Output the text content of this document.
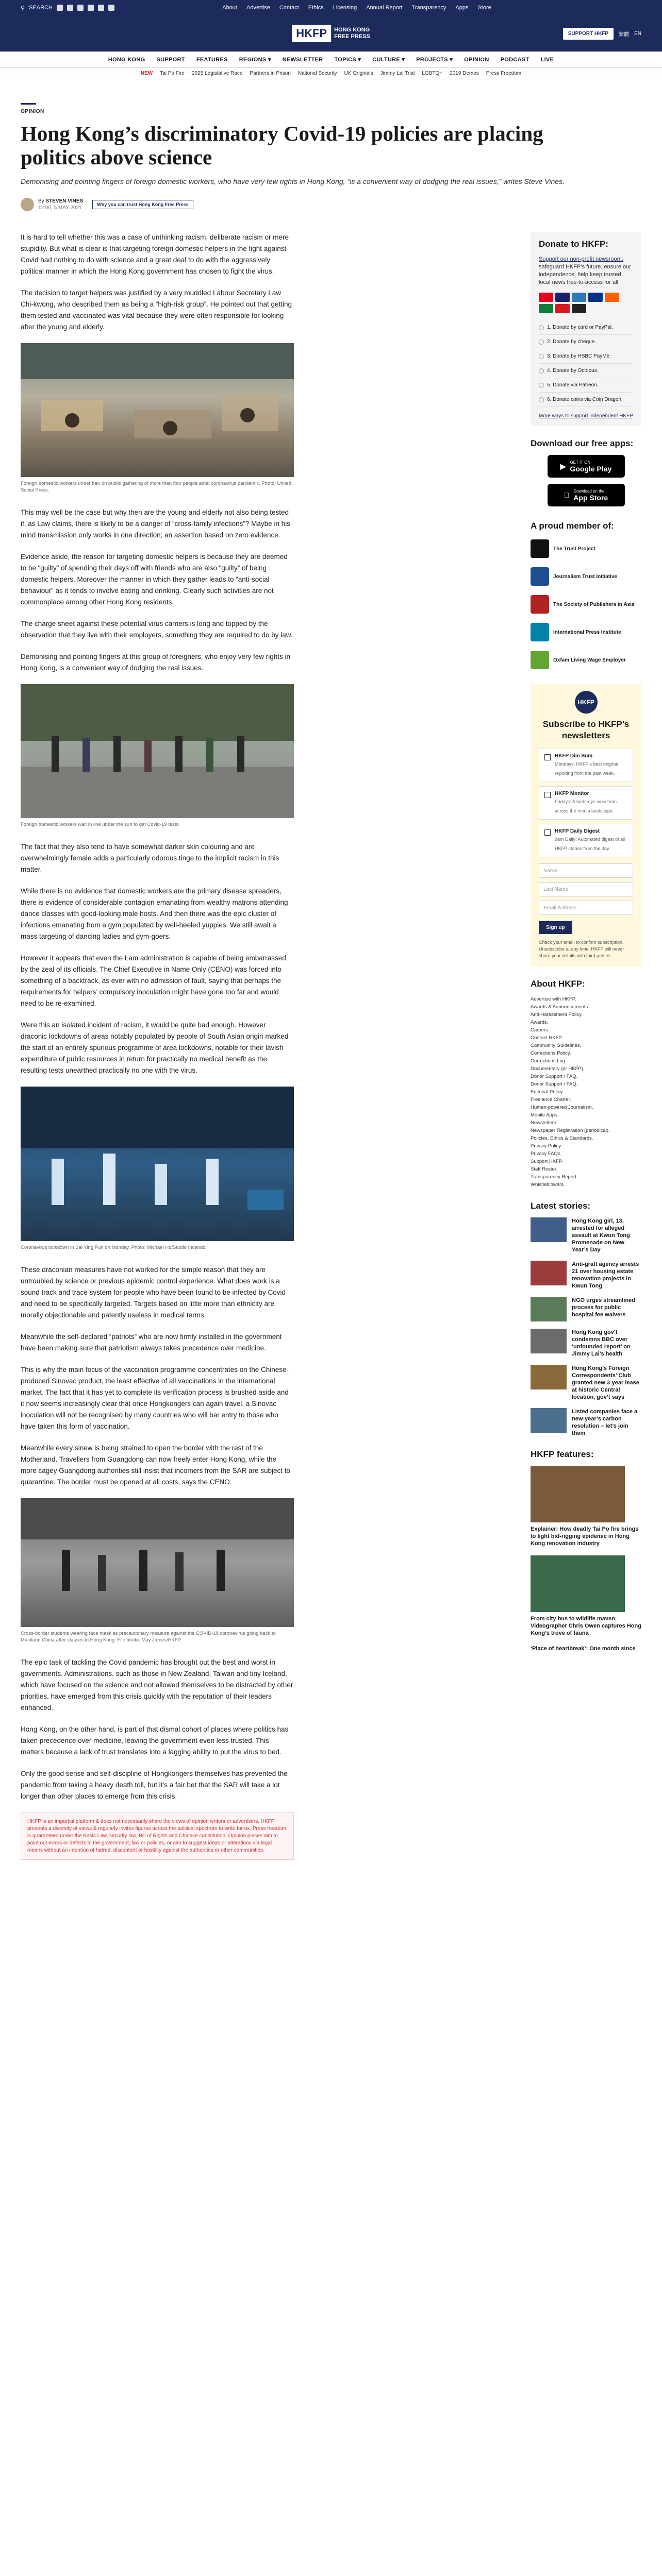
⚲ SEARCH	About Advertise Contact Ethics Licensing Annual Report Transparency Apps Store
HKFP	HONG KONG
FREE PRESS	SUPPORT HKFP	繁體 EN
HONG KONG SUPPORT FEATURES REGIONS ▾ NEWSLETTER TOPICS ▾ CULTURE ▾ PROJECTS ▾ OPINION PODCAST LIVE
NEW Tai Po Fire 2025 Legislative Race Partners in Prison National Security UK Originals Jimmy Lai Trial LGBTQ+ 2019 Demos Press Freedom
OPINION
Hong Kong’s discriminatory Covid-19 policies are placing politics above science
Demonising and pointing fingers of foreign domestic workers, who have very few rights in Hong Kong, “is a convenient way of dodging the real issues,” writes Steve Vines.
By STEVEN VINES
12:00, 5 MAY 2021
Why you can trust Hong Kong Free Press

It is hard to tell whether this was a case of unthinking racism, deliberate racism or mere stupidity. But what is clear is that targeting foreign domestic helpers in the fight against Covid had nothing to do with science and a great deal to do with the aggressively political manner in which the Hong Kong government has chosen to fight the virus.

The decision to target helpers was justified by a very muddled Labour Secretary Law Chi-kwong, who described them as being a “high-risk group”. He pointed out that getting them tested and vaccinated was vital because they were often responsible for looking after the young and elderly.

Foreign domestic workers under ban on public gathering of more than four people amid coronavirus pandemic. Photo: United Social Press.

This may well be the case but why then are the young and elderly not also being tested if, as Law claims, there is likely to be a danger of “cross-family infections”? Maybe in his mind transmission only works in one direction; an assertion based on zero evidence.

Evidence aside, the reason for targeting domestic helpers is because they are deemed to be “guilty” of spending their days off with friends who are also “guilty” of being domestic helpers. Moreover the manner in which they gather leads to “anti-social behaviour” as it tends to involve eating and drinking. Clearly such activities are not commonplace among other Hong Kong residents.

The charge sheet against these potential virus carriers is long and topped by the observation that they live with their employers, something they are required to do by law.

Demonising and pointing fingers at this group of foreigners, who enjoy very few rights in Hong Kong, is a convenient way of dodging the real issues.

Foreign domestic workers wait in line under the sun to get Covid-19 tests.

The fact that they also tend to have somewhat darker skin colouring and are overwhelmingly female adds a particularly odorous tinge to the implicit racism in this matter.

While there is no evidence that domestic workers are the primary disease spreaders, there is evidence of considerable contagion emanating from wealthy matrons attending dance classes with good-looking male hosts. And then there was the epic cluster of infections emanating from a gym populated by well-heeled yuppies. We still await a mass targeting of dancing ladies and gym-goers.

However it appears that even the Lam administration is capable of being embarrassed by the zeal of its officials. The Chief Executive in Name Only (CENO) was forced into something of a backtrack, as ever with no admission of fault, saying that perhaps the requirements for helpers’ compulsory inoculation might have gone too far and would need to be re-examined.

Were this an isolated incident of racism, it would be quite bad enough. However draconic lockdowns of areas notably populated by people of South Asian origin marked the start of an entirely spurious programme of area lockdowns, notable for their lavish expenditure of public resources in return for practically no medical benefit as the resulting tests unearthed practically no one with the virus.

Coronavirus lockdown in Sai Ying Pun on Monday. Photo: Michael Ho/Studio Incendo.

These draconian measures have not worked for the simple reason that they are untroubled by science or previous epidemic control experience. What does work is a sound track and trace system for people who have been found to be infected by Covid and need to be specifically targeted. Targets based on little more than ethnicity are morally objectionable and patently useless in medical terms.

Meanwhile the self-declared “patriots” who are now firmly installed in the government have been making sure that patriotism always takes precedence over medicine.

This is why the main focus of the vaccination programme concentrates on the Chinese-produced Sinovac product, the least effective of all vaccinations in the international market. The fact that it has yet to complete its verification process is brushed aside and it now seems increasingly clear that once Hongkongers can again travel, a Sinovac inoculation will not be recognised by many countries who will bar entry to those who have taken this form of vaccination.

Meanwhile every sinew is being strained to open the border with the rest of the Motherland. Travellers from Guangdong can now freely enter Hong Kong, while the more cagey Guangdong authorities still insist that incomers from the SAR are subject to quarantine. The border must be opened at all costs, says the CENO.

Cross-border students wearing face mask as precautionary measure against the COVID-19 coronavirus going back to Mainland China after classes in Hong Kong. File photo: May James/HKFP.

The epic task of tackling the Covid pandemic has brought out the best and worst in governments. Administrations, such as those in New Zealand, Taiwan and tiny Iceland, which have focused on the science and not allowed themselves to be distracted by other priorities, have emerged from this crisis quickly with the reputation of their leaders enhanced.

Hong Kong, on the other hand, is part of that dismal cohort of places where politics has taken precedence over medicine, leaving the government even less trusted. This matters because a lack of trust translates into a lagging ability to put the virus to bed.

Only the good sense and self-discipline of Hongkongers themselves has prevented the pandemic from taking a heavy death toll, but it’s a fair bet that the SAR will take a lot longer than other places to emerge from this crisis.

HKFP is an impartial platform & does not necessarily share the views of opinion writers or advertisers. HKFP presents a diversity of views & regularly invites figures across the political spectrum to write for us. Press freedom is guaranteed under the Basic Law, security law, Bill of Rights and Chinese constitution. Opinion pieces aim to point out errors or defects in the government, law or policies, or aim to suggest ideas or alterations via legal means without an intention of hatred, discontent or hostility against the authorities or other communities.
Donate to HKFP:
Support our non-profit newsroom: safeguard HKFP’s future, ensure our independence, help keep trusted local news free-to-access for all.
1. Donate by card or PayPal.
2. Donate by cheque.
3. Donate by HSBC PayMe.
4. Donate by Octopus.
5. Donate via Patreon.
6. Donate coins via Coin Dragon.
More ways to support independent HKFP
Download our free apps:
▶ GET IT ON
Google Play
Download on the
App Store
A proud member of:
The Trust Project
Journalism Trust Initiative
The Society of Publishers in Asia
International Press Institute
Oxfam Living Wage Employer
HKFP
Subscribe to HKFP’s newsletters
HKFP Dim Sum
Mondays: HKFP’s best original reporting from the past week.
HKFP Monitor
Fridays: A birds-eye view from across the media landscape.
HKFP Daily Digest
9am Daily: Automated digest of all HKFP stories from the day.
Name
Last Name
Email Address
Sign up
Check your email to confirm subscription. Unsubscribe at any time. HKFP will never share your details with third parties.
About HKFP:
Advertise with HKFP.
Awards & Announcements.
Anti-Harassment Policy.
Awards.
Careers.
Contact HKFP.
Community Guidelines.
Corrections Policy.
Corrections Log.
Documentary (or HKFP).
Donor Support / FAQ.
Donor Support / FAQ.
Editorial Policy.
Freelance Charter.
Human-powered Journalism.
Mobile Apps.
Newsletters.
Newspaper Registration (periodical).
Policies, Ethics & Standards.
Privacy Policy.
Privacy FAQs.
Support HKFP.
Staff Roster.
Transparency Report.
Whistleblowers.
Latest stories:
Hong Kong girl, 13, arrested for alleged assault at Kwun Tong Promenade on New Year’s Day
Anti-graft agency arrests 21 over housing estate renovation projects in Kwun Tong
NGO urges streamlined process for public hospital fee waivers
Hong Kong gov’t condemns BBC over ‘unfounded report’ on Jimmy Lai’s health
Hong Kong’s Foreign Correspondents’ Club granted new 3-year lease at historic Central location, gov’t says
Listed companies face a new-year’s carbon resolution – let’s join them
HKFP features:
Explainer: How deadly Tai Po fire brings to light bid-rigging epidemic in Hong Kong renovation industry
From city bus to wildlife maven: Videographer Chris Owen captures Hong Kong’s trove of fauna
‘Place of heartbreak’: One month since
